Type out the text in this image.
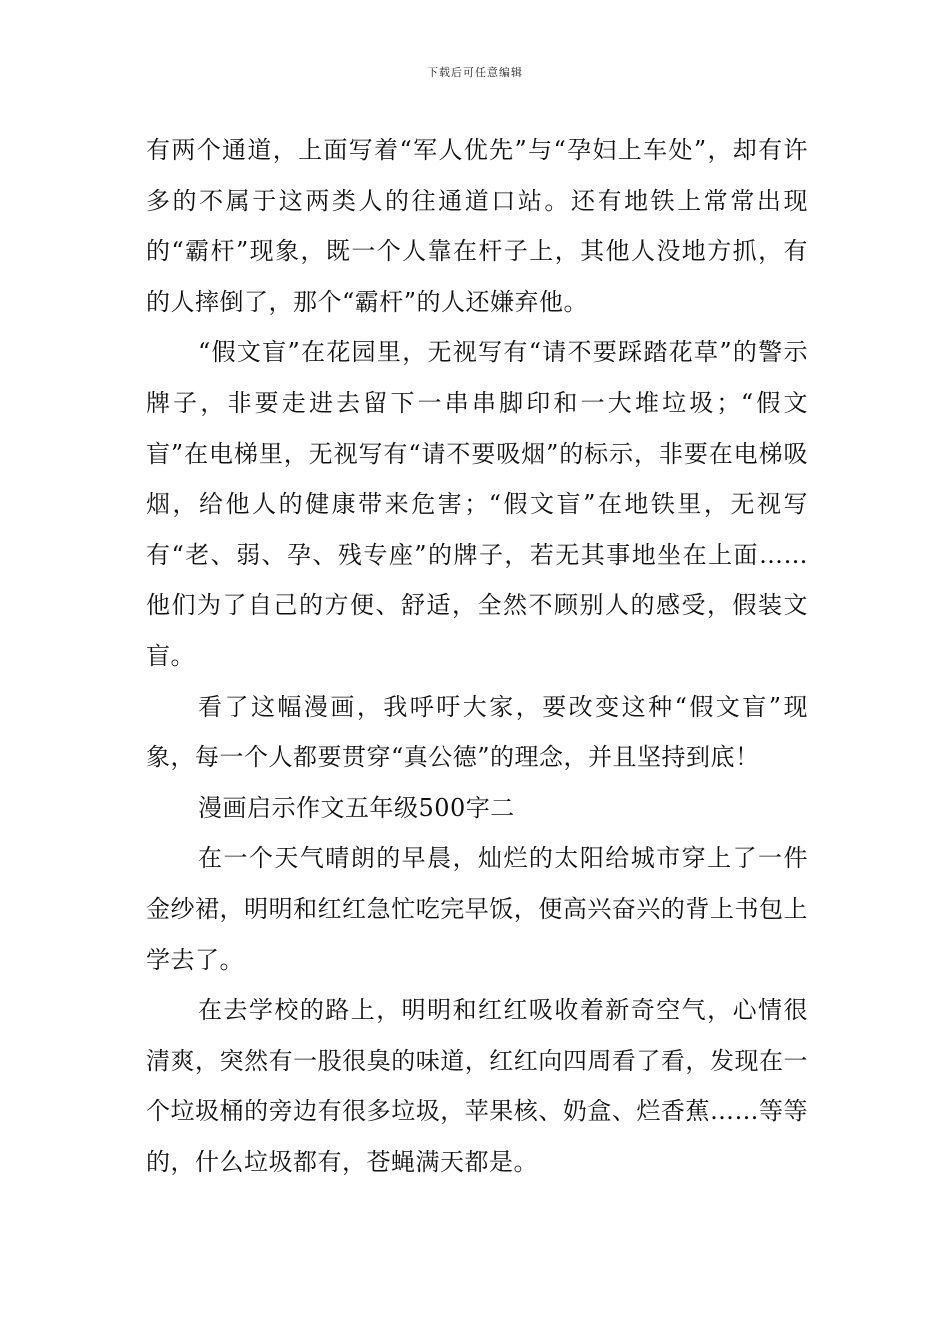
下载后可任意编辑

有两个通道，上面写着“军人优先”与“孕妇上车处”，却有许多的不属于这两类人的往通道口站。还有地铁上常常出现的“霸杆”现象，既一个人靠在杆子上，其他人没地方抓，有的人摔倒了，那个“霸杆”的人还嫌弃他。

“假文盲”在花园里，无视写有“请不要踩踏花草”的警示牌子，非要走进去留下一串串脚印和一大堆垃圾；“假文盲”在电梯里，无视写有“请不要吸烟”的标示，非要在电梯吸烟，给他人的健康带来危害；“假文盲”在地铁里，无视写有“老、弱、孕、残专座”的牌子，若无其事地坐在上面……他们为了自己的方便、舒适，全然不顾别人的感受，假装文盲。

看了这幅漫画，我呼吁大家，要改变这种“假文盲”现象，每一个人都要贯穿“真公德”的理念，并且坚持到底！

漫画启示作文五年级500字二

在一个天气晴朗的早晨，灿烂的太阳给城市穿上了一件金纱裙，明明和红红急忙吃完早饭，便高兴奋兴的背上书包上学去了。

在去学校的路上，明明和红红吸收着新奇空气，心情很清爽，突然有一股很臭的味道，红红向四周看了看，发现在一个垃圾桶的旁边有很多垃圾，苹果核、奶盒、烂香蕉……等等的，什么垃圾都有，苍蝇满天都是。
